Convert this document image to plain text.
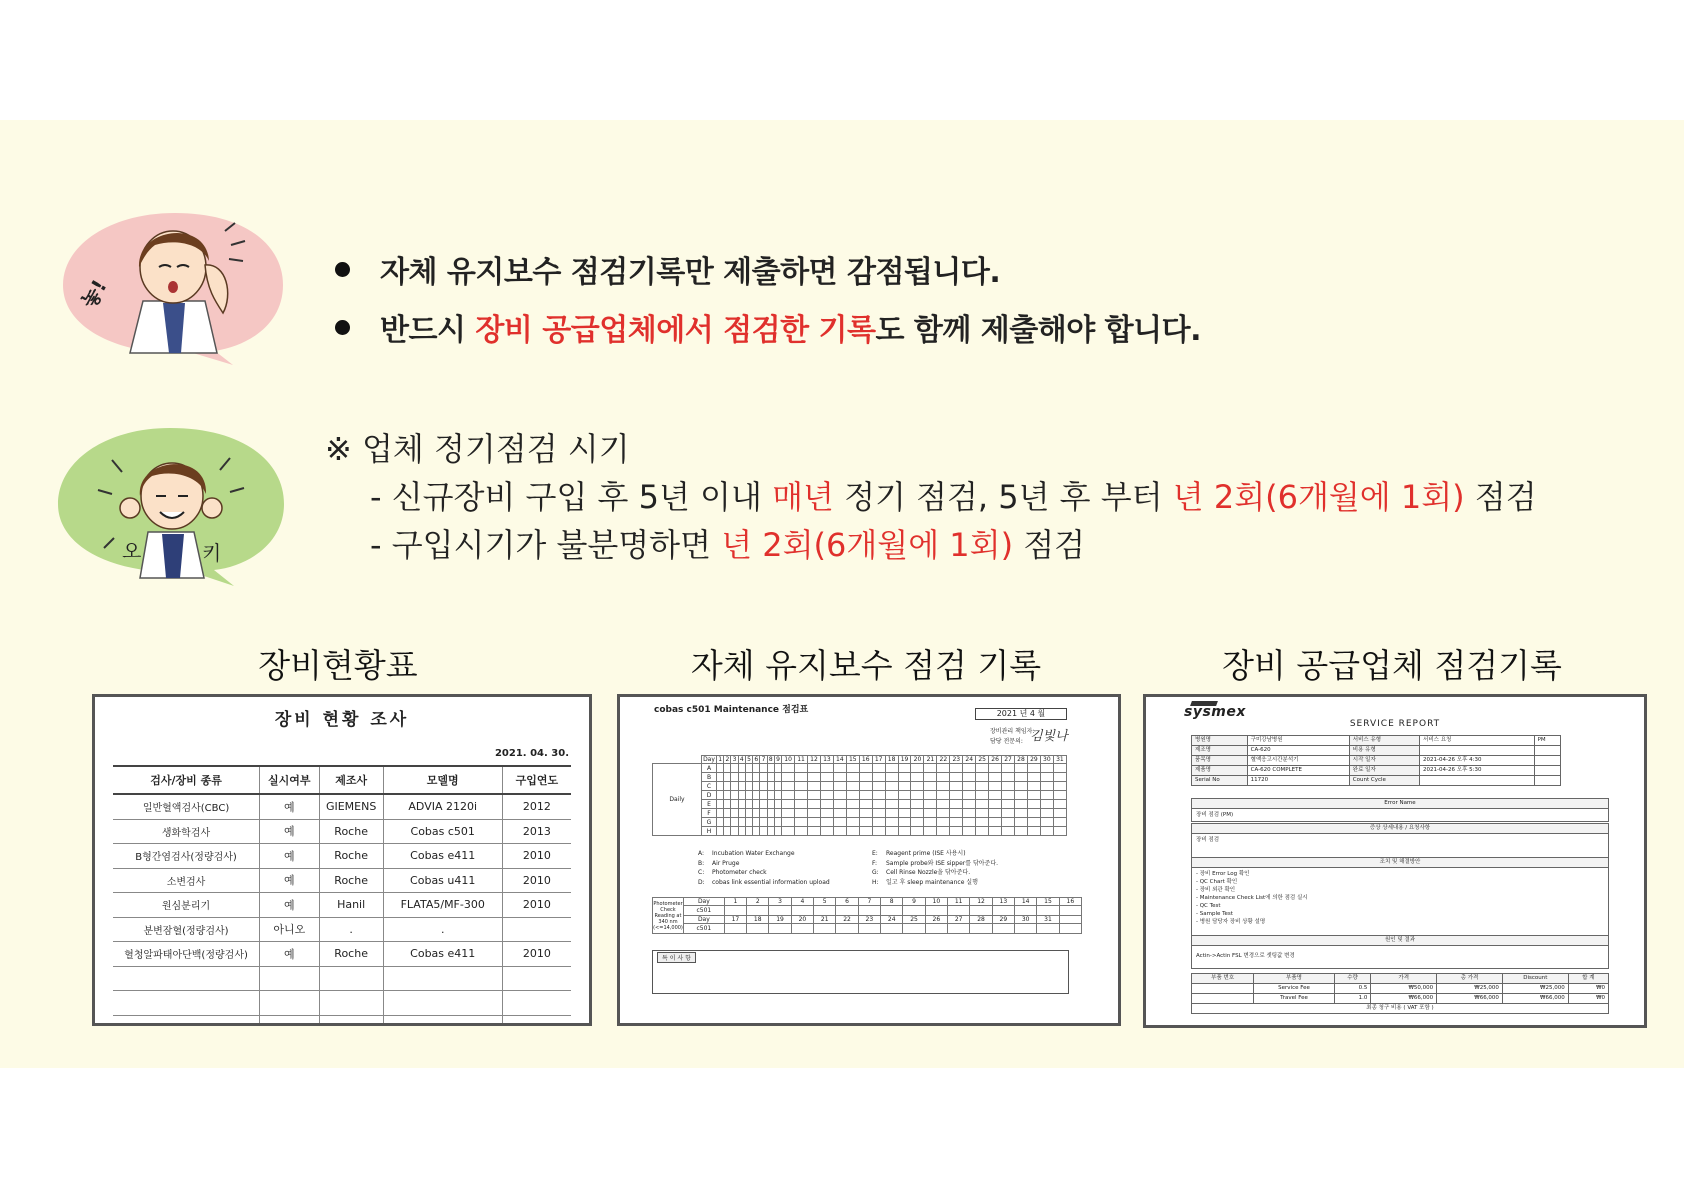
놓!
오	키
자체 유지보수 점검기록만 제출하면 감점됩니다.
반드시 장비 공급업체에서 점검한 기록 도 함께 제출해야 합니다.
※ 업체 정기점검 시기
- 신규장비 구입 후 5년 이내 매년 정기 점검, 5년 후 부터 년 2회(6개월에 1회) 점검
- 구입시기가 불분명하면 년 2회(6개월에 1회) 점검
장비현황표	자체 유지보수 점검 기록	장비 공급업체 점검기록
장비 현황 조사
2021. 04. 30.
검사/장비 종류	실시여부	제조사	모델명	구입연도
일반혈액검사(CBC)	예	GIEMENS	ADVIA 2120i	2012
생화학검사	예	Roche	Cobas c501	2013
B형간염검사(정량검사)	예	Roche	Cobas e411	2010
소변검사	예	Roche	Cobas u411	2010
원심분리기	예	Hanil	FLATA5/MF-300	2010
분변잠혈(정량검사)	아니오	.	.	
혈청알파태아단백(정량검사)	예	Roche	Cobas e411	2010

cobas c501 Maintenance 점검표	2021 년 4 월
장비관리 책임자:
담당 전문의: 김빛나
	Day	1	2	3	4	5	6	7	8	9	10	11	12	13	14	15	16	17	18	19	20	21	22	23	24	25	26	27	28	29	30	31
Daily	A																															
	B																															
	C																															
	D																															
	E																															
	F																															
	G																															
	H																															
A: Incubation Water Exchange
B: Air Pruge
C: Photometer check
D: cobas link essential information upload
E: Reagent prime (ISE 사용시)
F: Sample probe와 ISE sipper를 닦아준다.
G: Cell Rinse Nozzle을 닦아준다.
H: 일고 후 sleep maintenance 실행
Photometer Check Reading at 340 nm (<=14,000)	Day	1	2	3	4	5	6	7	8	9	10	11	12	13	14	15	16
	c501																
	Day	17	18	19	20	21	22	23	24	25	26	27	28	29	30	31	
	c501																
특 이 사 항
sysmex
SERVICE REPORT
병원명	구미강남병원	서비스 유형	서비스 요청	PM
제조명	CA-620	비용 유형		
품목명	혈액응고시간분석기	시작 일자	2021-04-26 오후 4:30	
제품명	CA-620 COMPLETE	완료 일자	2021-04-26 오후 5:30	
Serial No	11720	Count Cycle		
Error Name
장비 점검 (PM)
증상 상세내용 / 요청사항
장비 점검
조치 및 해결방안
- 장비 Error Log 확인
- QC Chart 확인
- 장비 외관 확인
- Maintenance Check List에 의한 점검 실시
- QC Test
- Sample Test
- 병원 담당자 장비 상황 설명
원인 및 결과
Actin->Actin FSL 변경으로 셋팅값 변경
부품 번호	부품명	수량	가격	총 가격	Discount	합 계
	Service Fee	0.5	₩50,000	₩25,000	₩25,000	₩0
	Travel Fee	1.0	₩66,000	₩66,000	₩66,000	₩0
최종 청구 비용 ( VAT 포함 )						
